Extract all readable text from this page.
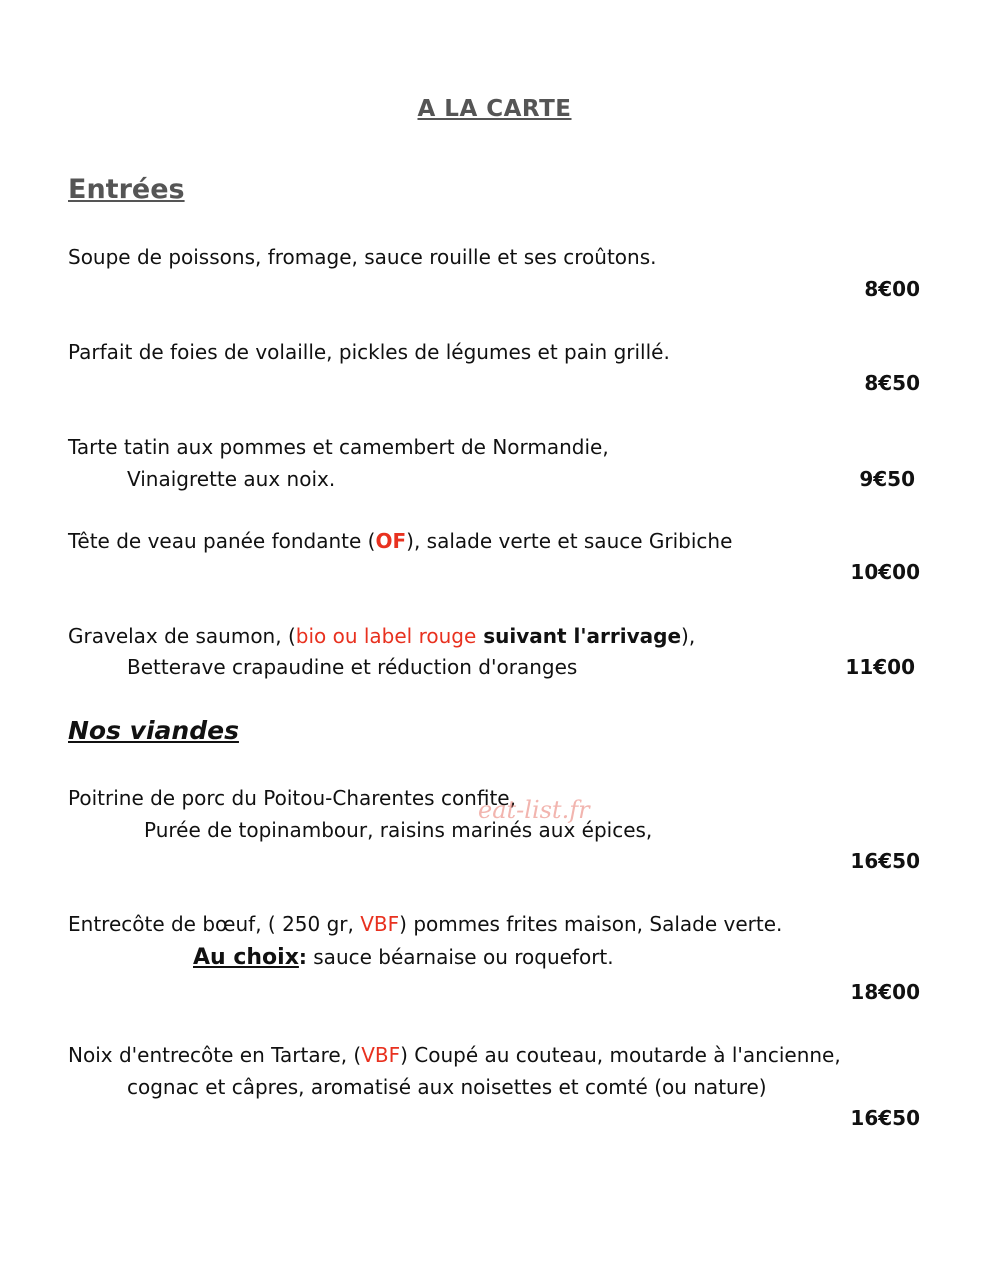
A LA CARTE
Entrées
Soupe de poissons, fromage, sauce rouille et ses croûtons.
8€00
Parfait de foies de volaille, pickles de légumes et pain grillé.
8€50
Tarte tatin aux pommes et camembert de Normandie,
Vinaigrette aux noix.	9€50
Tête de veau panée fondante (OF), salade verte et sauce Gribiche
10€00
Gravelax de saumon, (bio ou label rouge suivant l'arrivage),
Betterave crapaudine et réduction d'oranges	11€00
Nos viandes
Poitrine de porc du Poitou-Charentes confite,
eat-list.fr
Purée de topinambour, raisins marinés aux épices,
16€50
Entrecôte de bœuf, ( 250 gr, VBF) pommes frites maison, Salade verte.
Au choix: sauce béarnaise ou roquefort.
18€00
Noix d'entrecôte en Tartare, (VBF) Coupé au couteau, moutarde à l'ancienne,
cognac et câpres, aromatisé aux noisettes et comté (ou nature)
16€50
